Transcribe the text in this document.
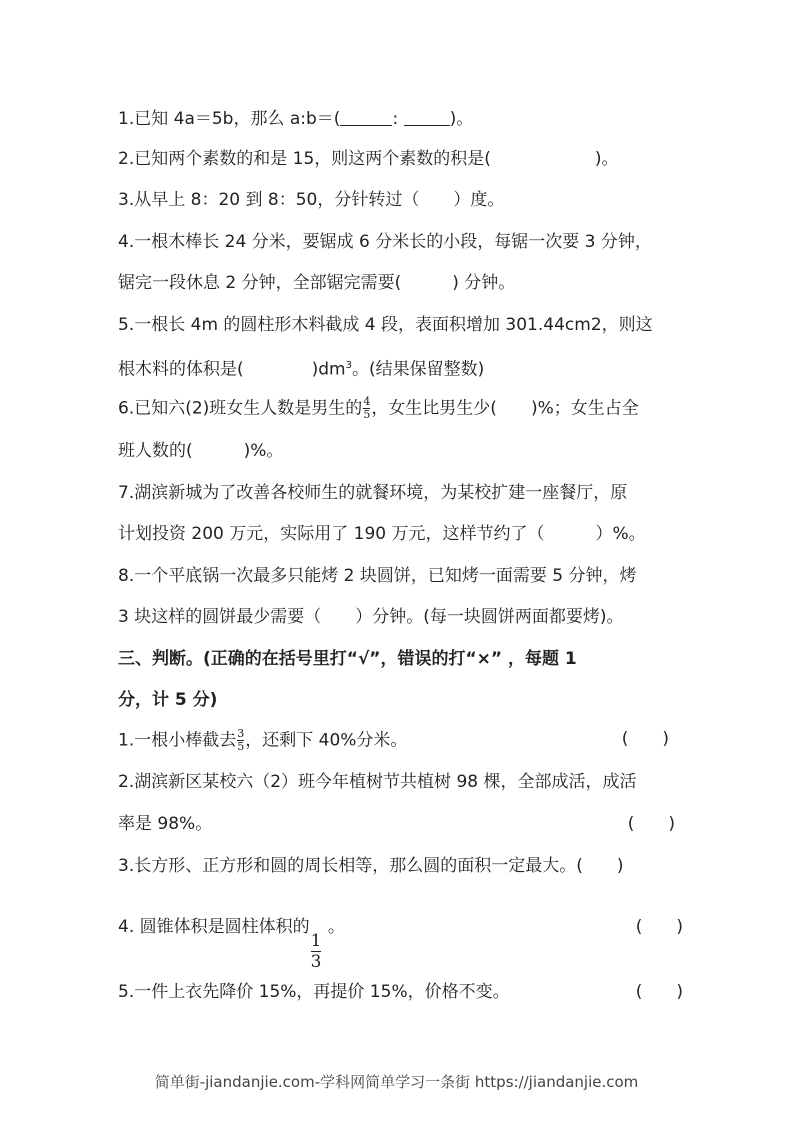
1.已知 4a＝5b，那么 a:b＝(	:	)。
2.已知两个素数的和是 15，则这两个素数的积是(	)。
3.从早上 8：20 到 8：50，分针转过（　　）度。
4.一根木棒长 24 分米，要锯成 6 分米长的小段，每锯一次要 3 分钟，
锯完一段休息 2 分钟，全部锯完需要(　　　) 分钟。
5.一根长 4m 的圆柱形木料截成 4 段，表面积增加 301.44cm2，则这
根木料的体积是(　　　　)$dm^3$。(结果保留整数)
6.已知六(2)班女生人数是男生的 $\frac{4}{5}$ ，女生比男生少(　　)%；女生占全
班人数的(　　　)%。
7.湖滨新城为了改善各校师生的就餐环境，为某校扩建一座餐厅，原
计划投资 200 万元，实际用了 190 万元，这样节约了（　　　）%。
8.一个平底锅一次最多只能烤 2 块圆饼，已知烤一面需要 5 分钟，烤
3 块这样的圆饼最少需要（　　）分钟。(每一块圆饼两面都要烤)。
三、判断。(正确的在括号里打“√”，错误的打“×” ，每题 1
分，计 5 分)
1.一根小棒截去 $\frac{3}{5}$ ，还剩下 40%分米。	(　　)
2.湖滨新区某校六（2）班今年植树节共植树 98 棵，全部成活，成活
率是 98%。	(　　)
3.长方形、正方形和圆的周长相等，那么圆的面积一定最大。(　　)
4. 圆锥体积是圆柱体积的
$\frac{1}{3}$
。	(　　)
5.一件上衣先降价 15%，再提价 15%，价格不变。	(　　)
简单街-jiandanjie.com-学科网简单学习一条街 https://jiandanjie.com
